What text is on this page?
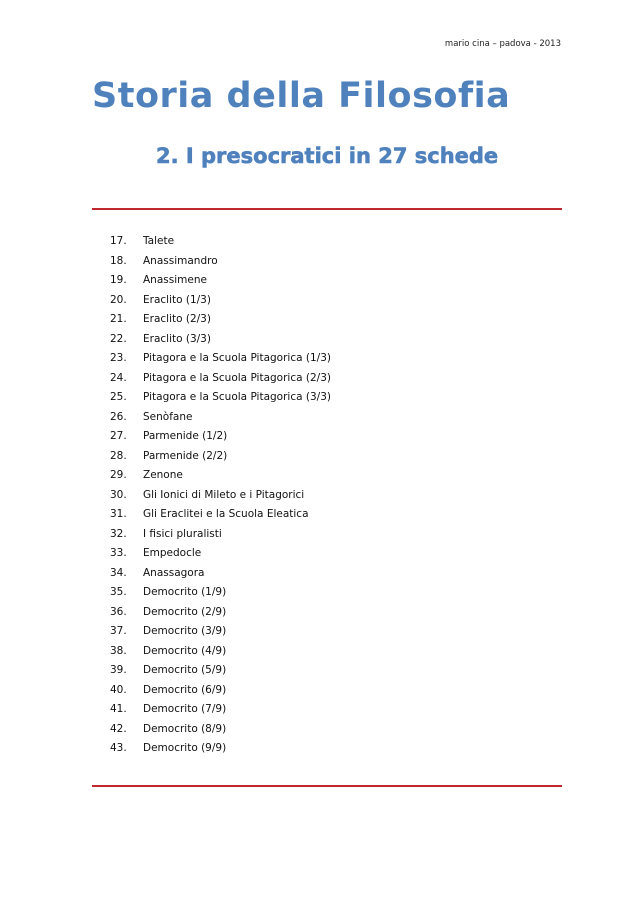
mario cina – padova - 2013
Storia della Filosofia
2. I presocratici in 27 schede
17. Talete
18. Anassimandro
19. Anassimene
20. Eraclito (1/3)
21. Eraclito (2/3)
22. Eraclito (3/3)
23. Pitagora e la Scuola Pitagorica (1/3)
24. Pitagora e la Scuola Pitagorica (2/3)
25. Pitagora e la Scuola Pitagorica (3/3)
26. Senòfane
27. Parmenide (1/2)
28. Parmenide (2/2)
29. Zenone
30. Gli Ionici di Mileto e i Pitagorici
31. Gli Eraclitei e la Scuola Eleatica
32. I fisici pluralisti
33. Empedocle
34. Anassagora
35. Democrito (1/9)
36. Democrito (2/9)
37. Democrito (3/9)
38. Democrito (4/9)
39. Democrito (5/9)
40. Democrito (6/9)
41. Democrito (7/9)
42. Democrito (8/9)
43. Democrito (9/9)
